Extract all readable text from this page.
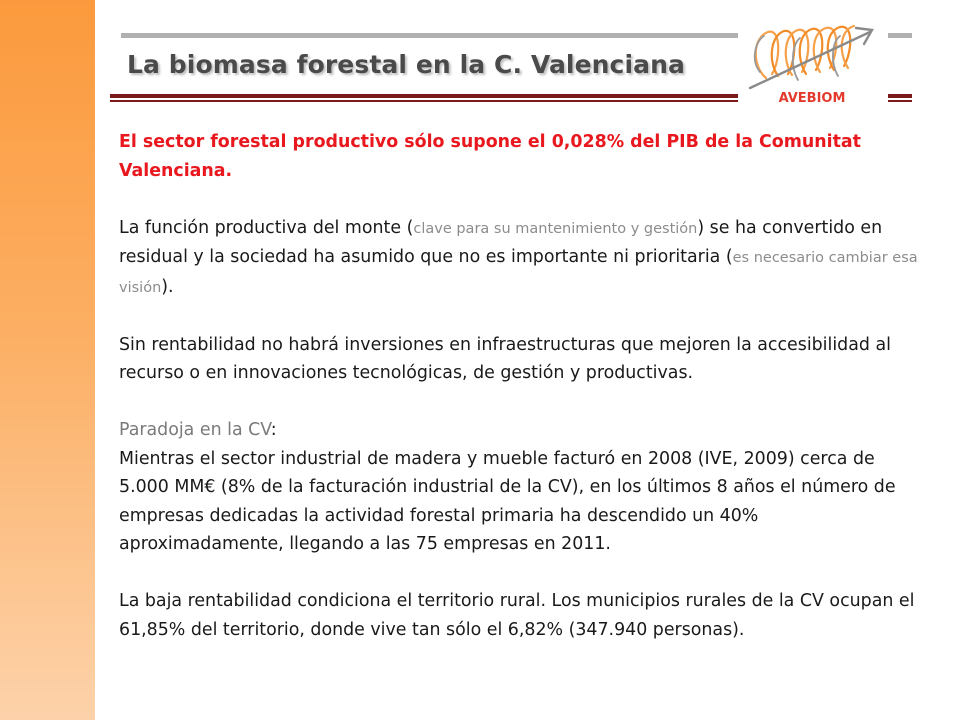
La biomasa forestal en la C. Valenciana
AVEBIOM

El sector forestal productivo sólo supone el 0,028% del PIB de la Comunitat Valenciana.

La función productiva del monte (clave para su mantenimiento y gestión) se ha convertido en residual y la sociedad ha asumido que no es importante ni prioritaria (es necesario cambiar esa visión).

Sin rentabilidad no habrá inversiones en infraestructuras que mejoren la accesibilidad al recurso o en innovaciones tecnológicas, de gestión y productivas.

Paradoja en la CV:

Mientras el sector industrial de madera y mueble facturó en 2008 (IVE, 2009) cerca de 5.000 MM€ (8% de la facturación industrial de la CV), en los últimos 8 años el número de empresas dedicadas la actividad forestal primaria ha descendido un 40% aproximadamente, llegando a las 75 empresas en 2011.

La baja rentabilidad condiciona el territorio rural. Los municipios rurales de la CV ocupan el 61,85% del territorio, donde vive tan sólo el 6,82% (347.940 personas).
